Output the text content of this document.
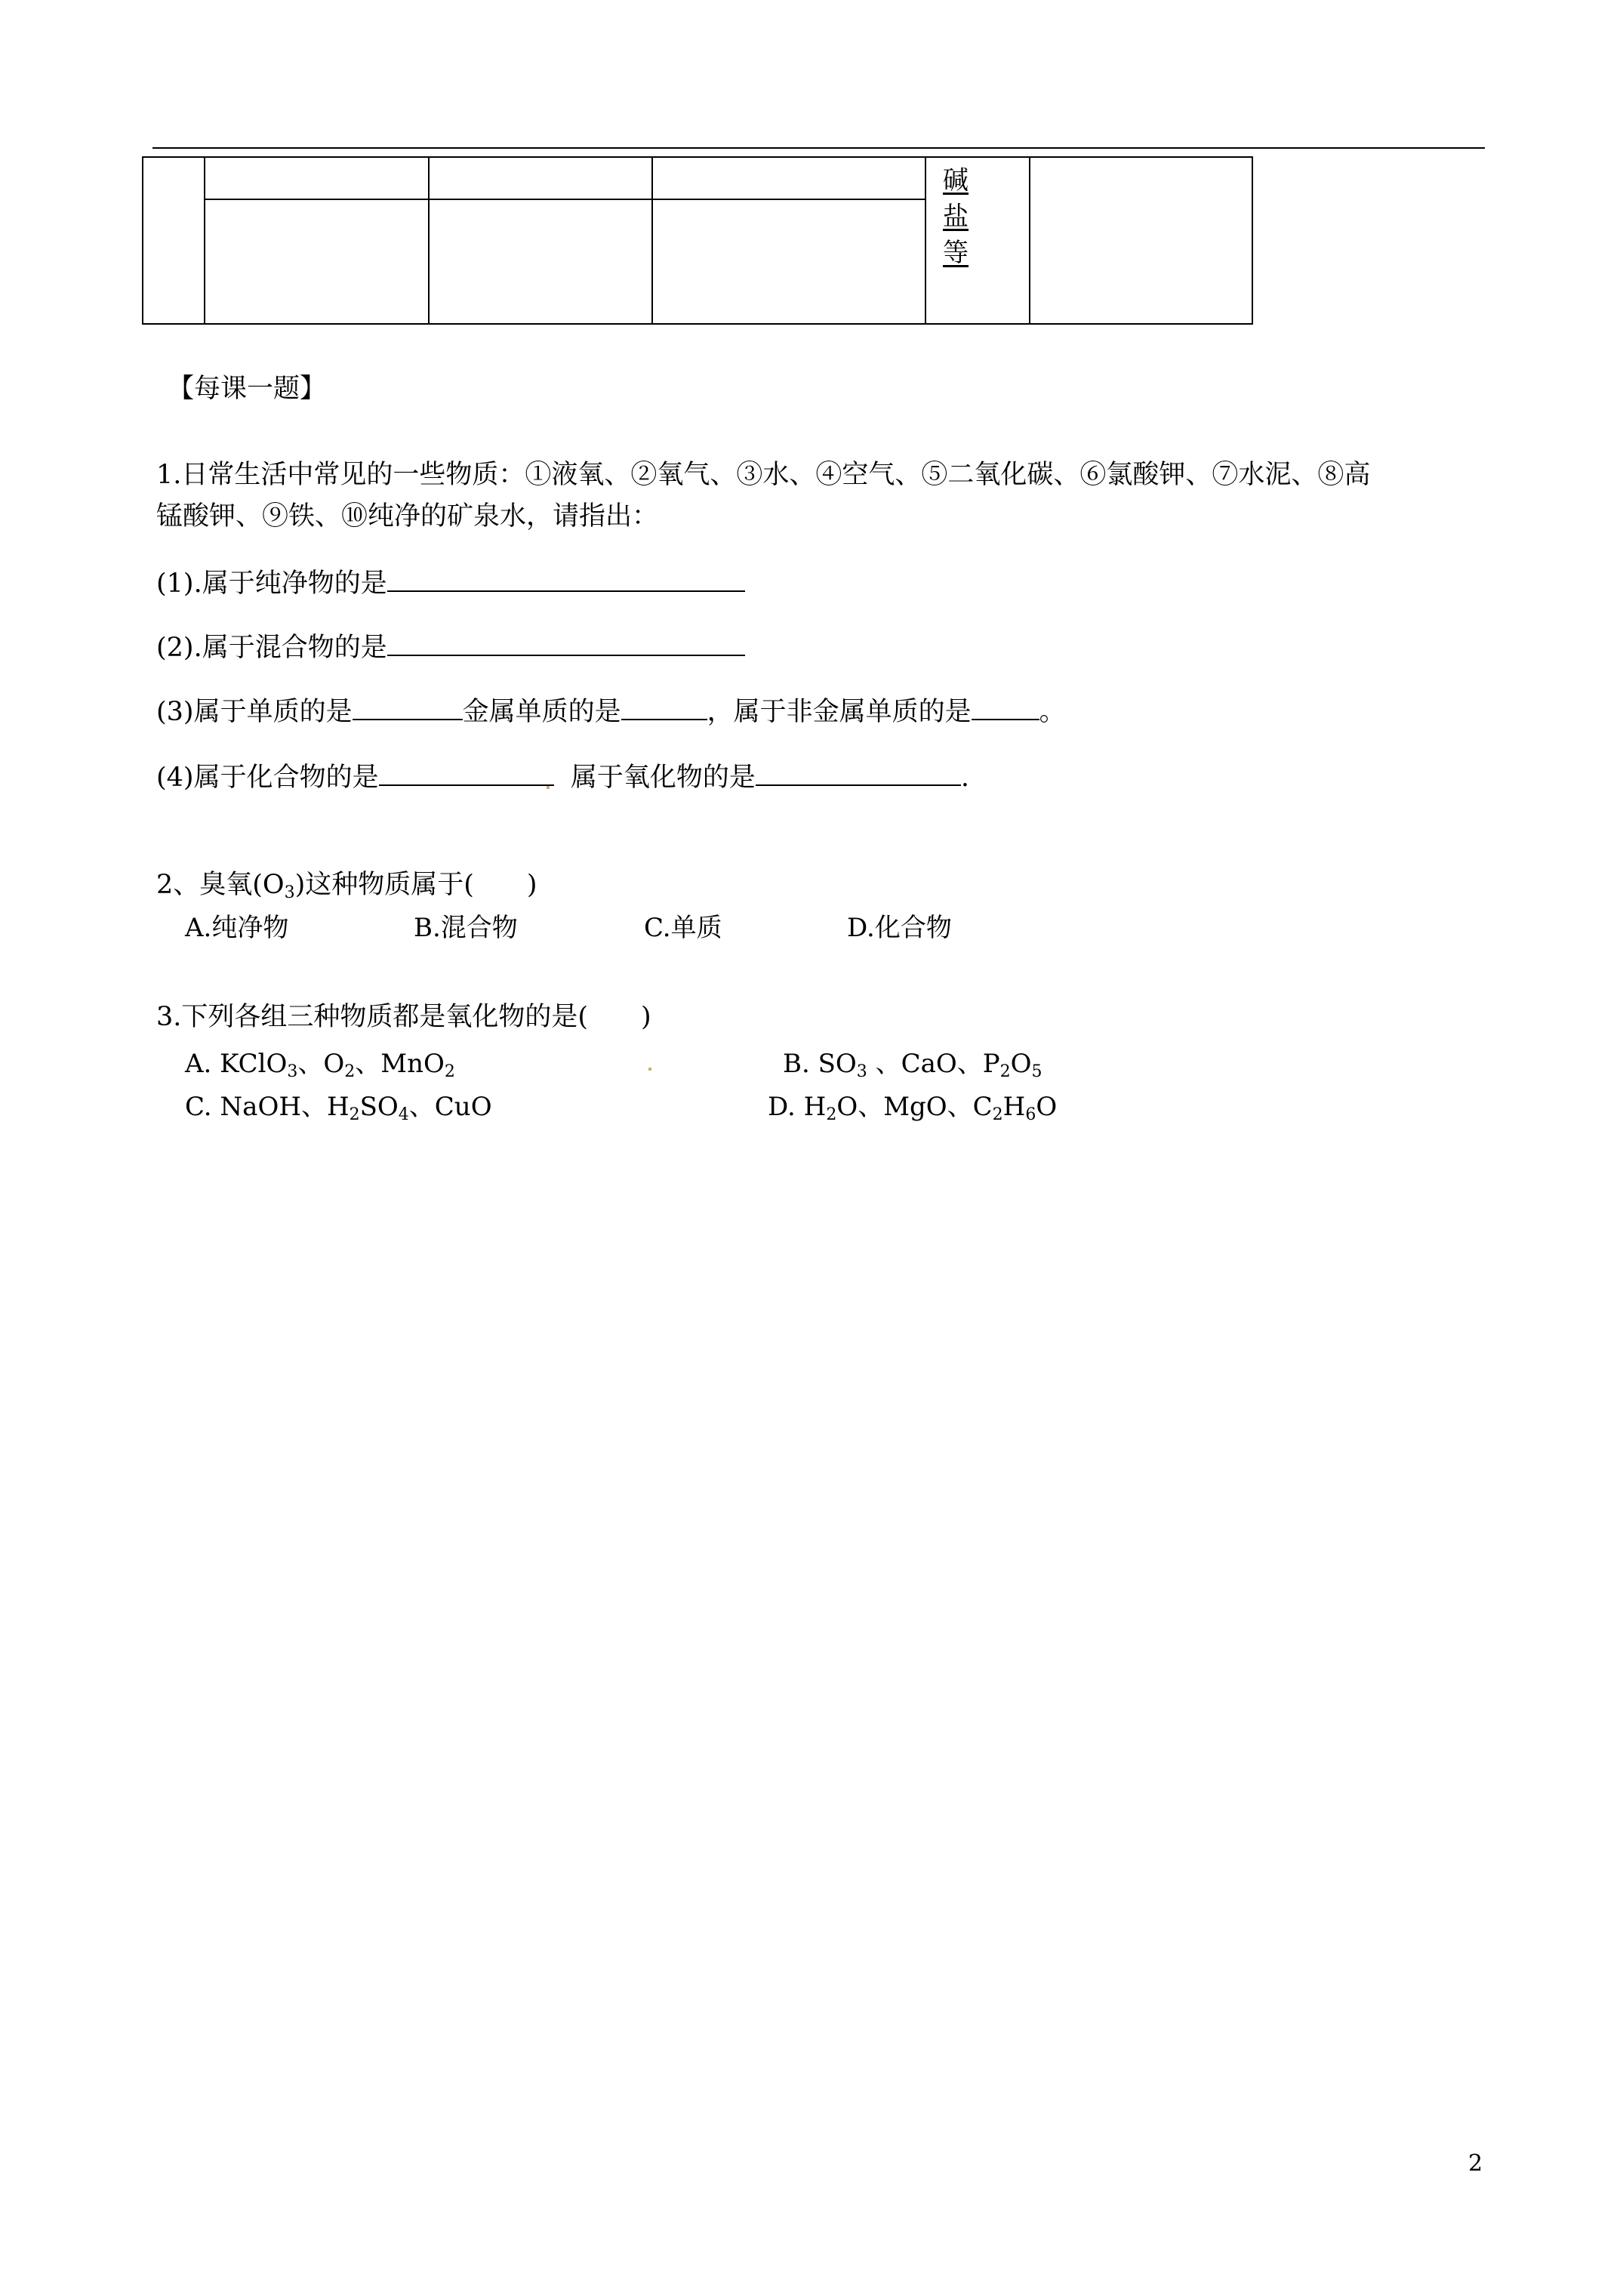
				碱
盐
等	

【每课一题】
1.日常生活中常见的一些物质：①液氧、②氧气、③水、④空气、⑤二氧化碳、⑥氯酸钾、⑦水泥、⑧高
锰酸钾、⑨铁、⑩纯净的矿泉水，请指出：
(1).属于纯净物的是
(2).属于混合物的是
(3)属于单质的是	金属单质的是	，属于非金属单质的是	。
(4)属于化合物的是	属于氧化物的是	.
2、臭氧$(O_3)$这种物质属于(　　)
A.纯净物	B.混合物	C.单质	D.化合物
3.下列各组三种物质都是氧化物的是(　　)
A. KClO$_3$、$O_2$、MnO$_2$	B. $SO_3$ 、CaO、$P_2O_5$
C. NaOH、$H_2SO_4$、CuO	D. $H_2O$、MgO、$C_2H_6O$
2
